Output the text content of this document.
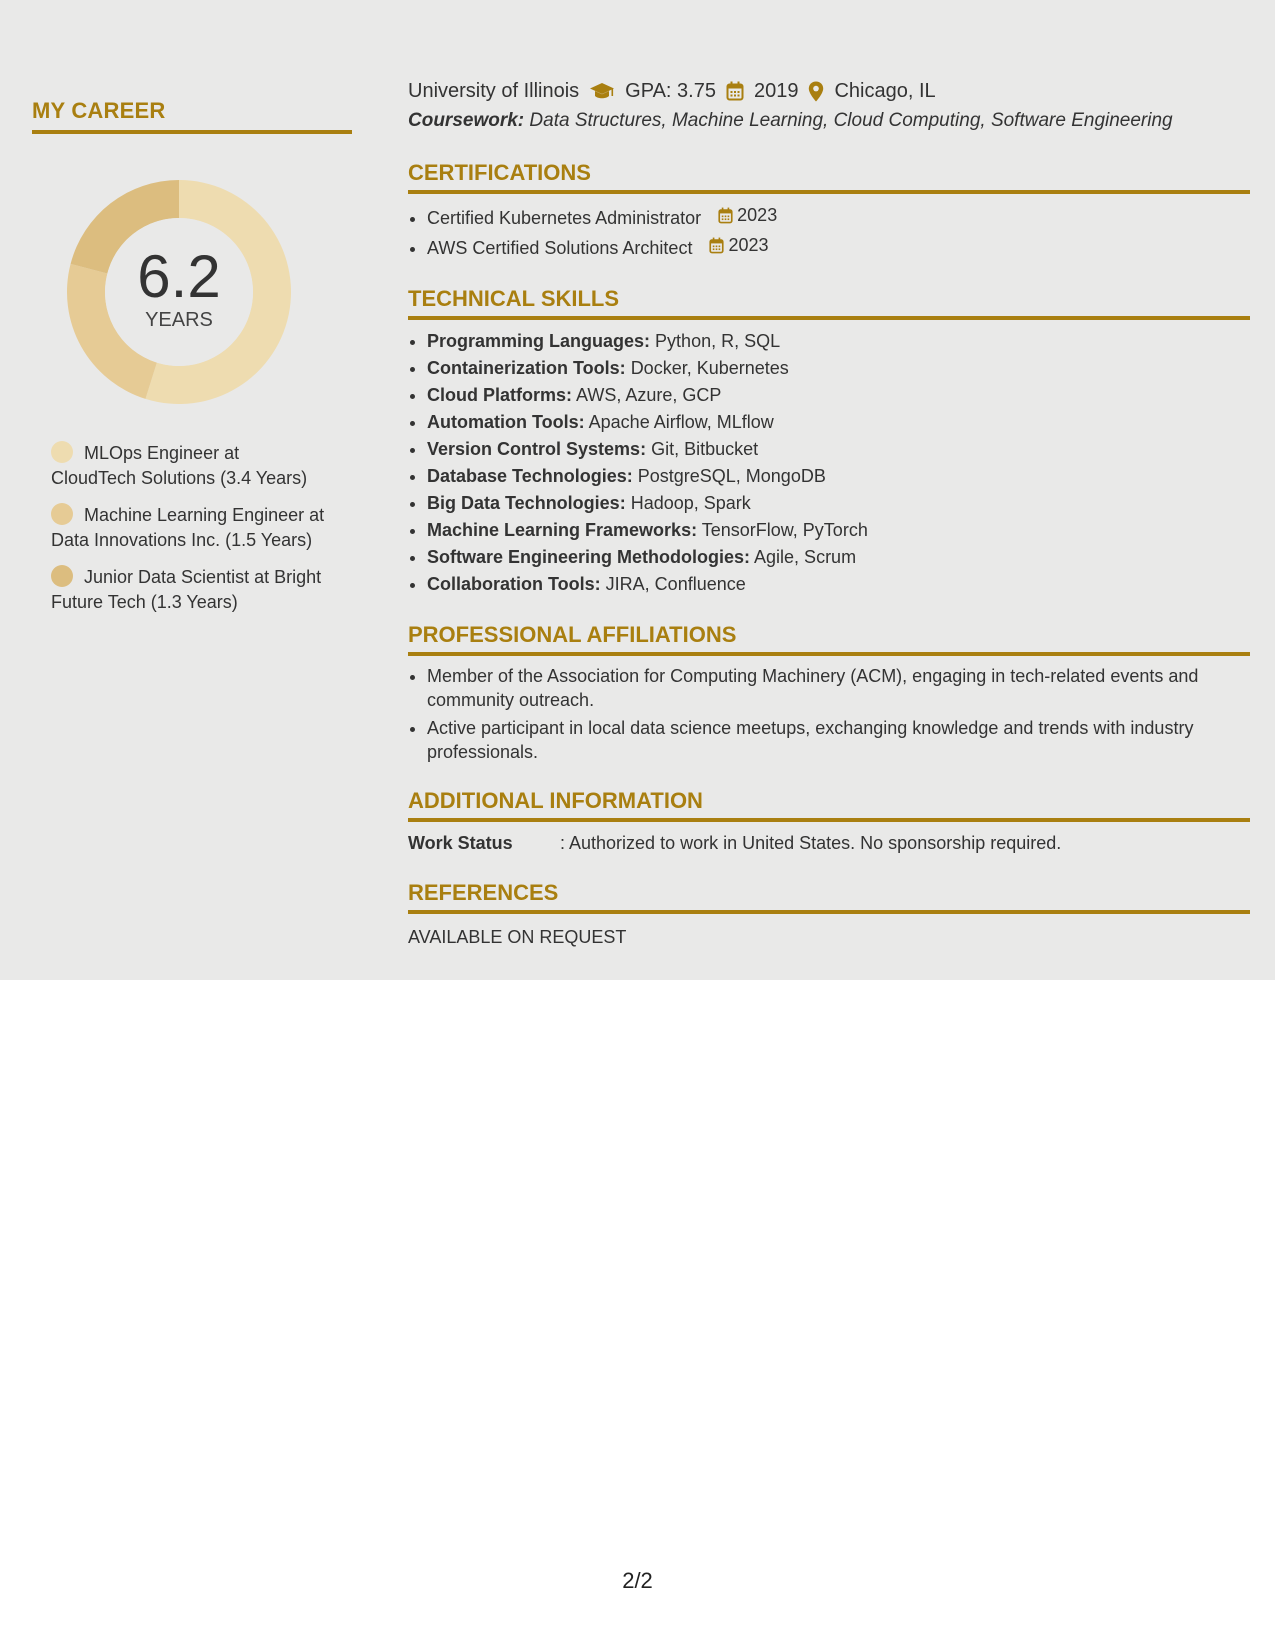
MY CAREER
6.2
YEARS
MLOps Engineer at CloudTech Solutions (3.4 Years)
Machine Learning Engineer at Data Innovations Inc. (1.5 Years)
Junior Data Scientist at Bright Future Tech (1.3 Years)
University of Illinois GPA: 3.75 2019 Chicago, IL
Coursework: Data Structures, Machine Learning, Cloud Computing, Software Engineering
CERTIFICATIONS
• Certified Kubernetes Administrator 2023
• AWS Certified Solutions Architect 2023
TECHNICAL SKILLS
• Programming Languages: Python, R, SQL
• Containerization Tools: Docker, Kubernetes
• Cloud Platforms: AWS, Azure, GCP
• Automation Tools: Apache Airflow, MLflow
• Version Control Systems: Git, Bitbucket
• Database Technologies: PostgreSQL, MongoDB
• Big Data Technologies: Hadoop, Spark
• Machine Learning Frameworks: TensorFlow, PyTorch
• Software Engineering Methodologies: Agile, Scrum
• Collaboration Tools: JIRA, Confluence
PROFESSIONAL AFFILIATIONS
• Member of the Association for Computing Machinery (ACM), engaging in tech-related events and community outreach.
• Active participant in local data science meetups, exchanging knowledge and trends with industry professionals.
ADDITIONAL INFORMATION
Work Status	: Authorized to work in United States. No sponsorship required.
REFERENCES
AVAILABLE ON REQUEST
2/2
